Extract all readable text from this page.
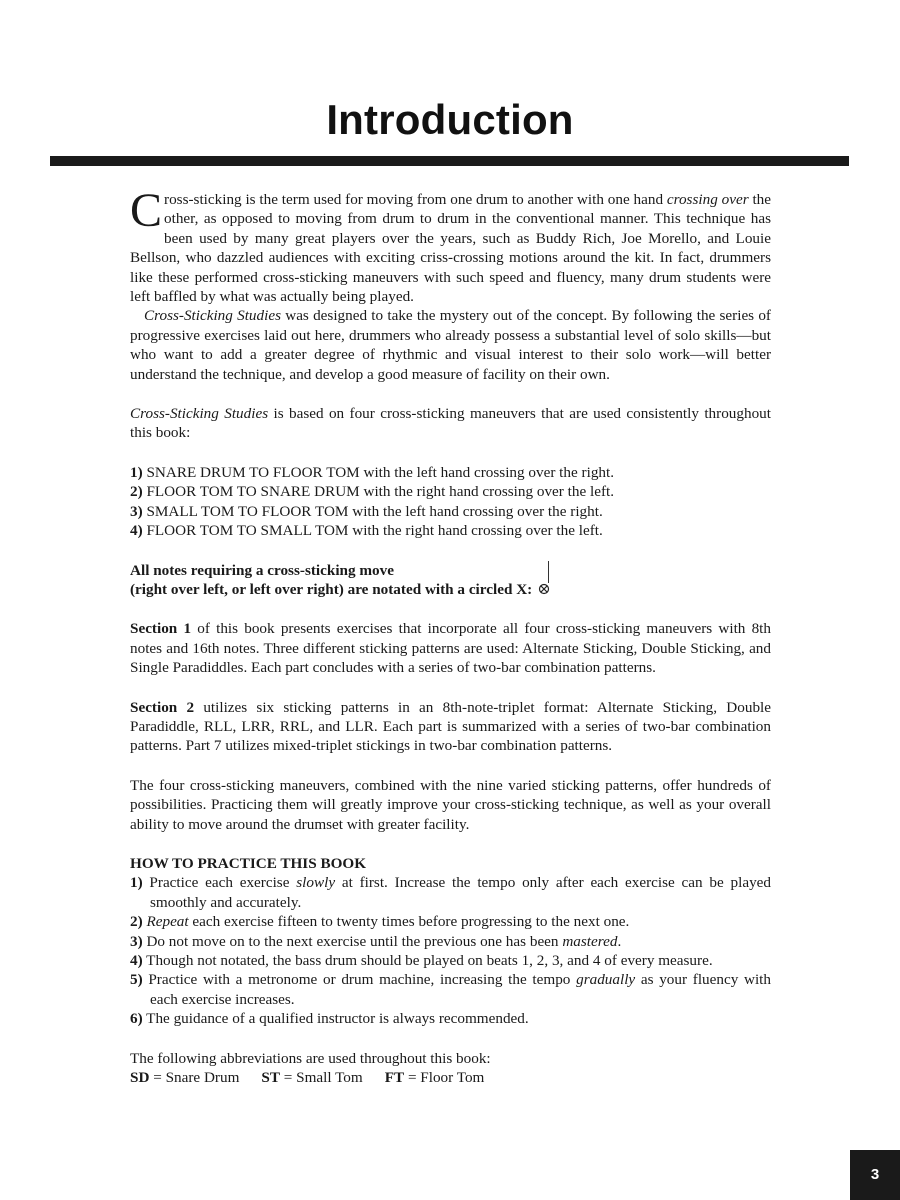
Introduction

Cross-sticking is the term used for moving from one drum to another with one hand crossing over the other, as opposed to moving from drum to drum in the conventional manner. This technique has been used by many great players over the years, such as Buddy Rich, Joe Morello, and Louie Bellson, who dazzled audiences with exciting criss-crossing motions around the kit. In fact, drummers like these performed cross-sticking maneuvers with such speed and fluency, many drum students were left baffled by what was actually being played.

Cross-Sticking Studies was designed to take the mystery out of the concept. By following the series of progressive exercises laid out here, drummers who already possess a substantial level of solo skills—but who want to add a greater degree of rhythmic and visual interest to their solo work—will better understand the technique, and develop a good measure of facility on their own.

Cross-Sticking Studies is based on four cross-sticking maneuvers that are used consistently throughout this book:

1) SNARE DRUM TO FLOOR TOM with the left hand crossing over the right.
2) FLOOR TOM TO SNARE DRUM with the right hand crossing over the left.
3) SMALL TOM TO FLOOR TOM with the left hand crossing over the right.
4) FLOOR TOM TO SMALL TOM with the right hand crossing over the left.
All notes requiring a cross-sticking move
(right over left, or left over right) are notated with a circled X:

Section 1 of this book presents exercises that incorporate all four cross-sticking maneuvers with 8th notes and 16th notes. Three different sticking patterns are used: Alternate Sticking, Double Sticking, and Single Paradiddles. Each part concludes with a series of two-bar combination patterns.

Section 2 utilizes six sticking patterns in an 8th-note-triplet format: Alternate Sticking, Double Paradiddle, RLL, LRR, RRL, and LLR. Each part is summarized with a series of two-bar combination patterns. Part 7 utilizes mixed-triplet stickings in two-bar combination patterns.

The four cross-sticking maneuvers, combined with the nine varied sticking patterns, offer hundreds of possibilities. Practicing them will greatly improve your cross-sticking technique, as well as your overall ability to move around the drumset with greater facility.

HOW TO PRACTICE THIS BOOK

1) Practice each exercise slowly at first. Increase the tempo only after each exercise can be played smoothly and accurately.

2) Repeat each exercise fifteen to twenty times before progressing to the next one.

3) Do not move on to the next exercise until the previous one has been mastered.

4) Though not notated, the bass drum should be played on beats 1, 2, 3, and 4 of every measure.

5) Practice with a metronome or drum machine, increasing the tempo gradually as your fluency with each exercise increases.

6) The guidance of a qualified instructor is always recommended.

The following abbreviations are used throughout this book:

SD = Snare Drum ST = Small Tom FT = Floor Tom
3
